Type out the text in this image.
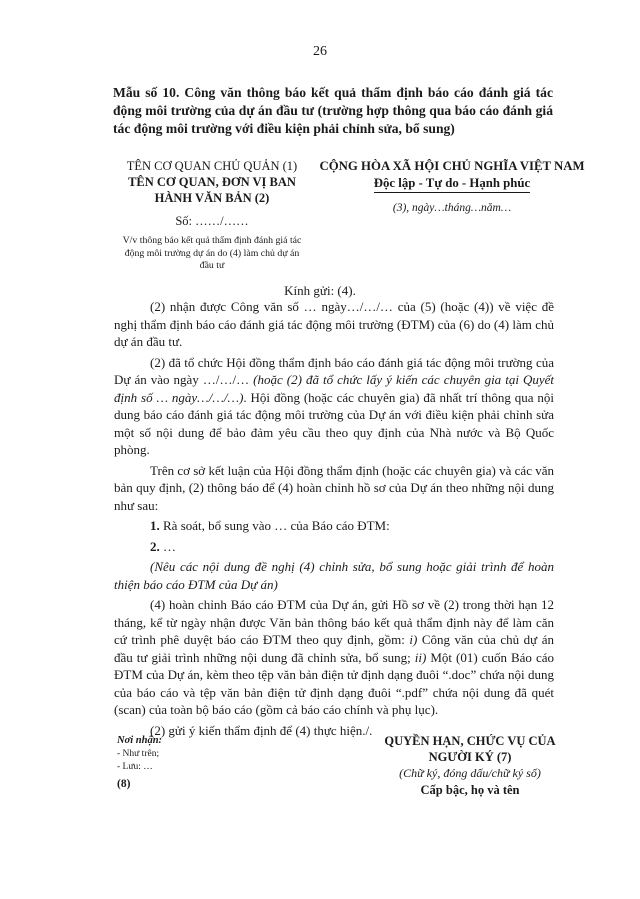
26
Mẫu số 10. Công văn thông báo kết quả thẩm định báo cáo đánh giá tác động môi trường của dự án đầu tư (trường hợp thông qua báo cáo đánh giá tác động môi trường với điều kiện phải chỉnh sửa, bổ sung)
TÊN CƠ QUAN CHỦ QUẢN (1)
TÊN CƠ QUAN, ĐƠN VỊ BAN HÀNH VĂN BẢN (2)
Số: ……/……
V/v thông báo kết quả thẩm định đánh giá tác động môi trường dự án do (4) làm chủ dự án đầu tư
CỘNG HÒA XÃ HỘI CHỦ NGHĨA VIỆT NAM
Độc lập - Tự do - Hạnh phúc
(3), ngày…tháng…năm…
Kính gửi: (4).

(2) nhận được Công văn số … ngày…/…/… của (5) (hoặc (4)) về việc đề nghị thẩm định báo cáo đánh giá tác động môi trường (ĐTM) của (6) do (4) làm chủ dự án đầu tư.

(2) đã tổ chức Hội đồng thẩm định báo cáo đánh giá tác động môi trường của Dự án vào ngày …/…/… (hoặc (2) đã tổ chức lấy ý kiến các chuyên gia tại Quyết định số … ngày…/…/…). Hội đồng (hoặc các chuyên gia) đã nhất trí thông qua nội dung báo cáo đánh giá tác động môi trường của Dự án với điều kiện phải chỉnh sửa một số nội dung để bảo đảm yêu cầu theo quy định của Nhà nước và Bộ Quốc phòng.

Trên cơ sở kết luận của Hội đồng thẩm định (hoặc các chuyên gia) và các văn bản quy định, (2) thông báo để (4) hoàn chỉnh hồ sơ của Dự án theo những nội dung như sau:

1. Rà soát, bổ sung vào … của Báo cáo ĐTM:

2. …

(Nêu các nội dung đề nghị (4) chỉnh sửa, bổ sung hoặc giải trình để hoàn thiện báo cáo ĐTM của Dự án)

(4) hoàn chỉnh Báo cáo ĐTM của Dự án, gửi Hồ sơ về (2) trong thời hạn 12 tháng, kể từ ngày nhận được Văn bản thông báo kết quả thẩm định này để làm căn cứ trình phê duyệt báo cáo ĐTM theo quy định, gồm: i) Công văn của chủ dự án đầu tư giải trình những nội dung đã chỉnh sửa, bổ sung; ii) Một (01) cuốn Báo cáo ĐTM của Dự án, kèm theo tệp văn bản điện tử định dạng đuôi “.doc” chứa nội dung của báo cáo và tệp văn bản điện tử định dạng đuôi “.pdf” chứa nội dung đã quét (scan) của toàn bộ báo cáo (gồm cả báo cáo chính và phụ lục).

(2) gửi ý kiến thẩm định để (4) thực hiện./.

Nơi nhận:
- Như trên;
- Lưu: …
(8)
QUYỀN HẠN, CHỨC VỤ CỦA NGƯỜI KÝ (7)
(Chữ ký, đóng dấu/chữ ký số)
Cấp bậc, họ và tên
